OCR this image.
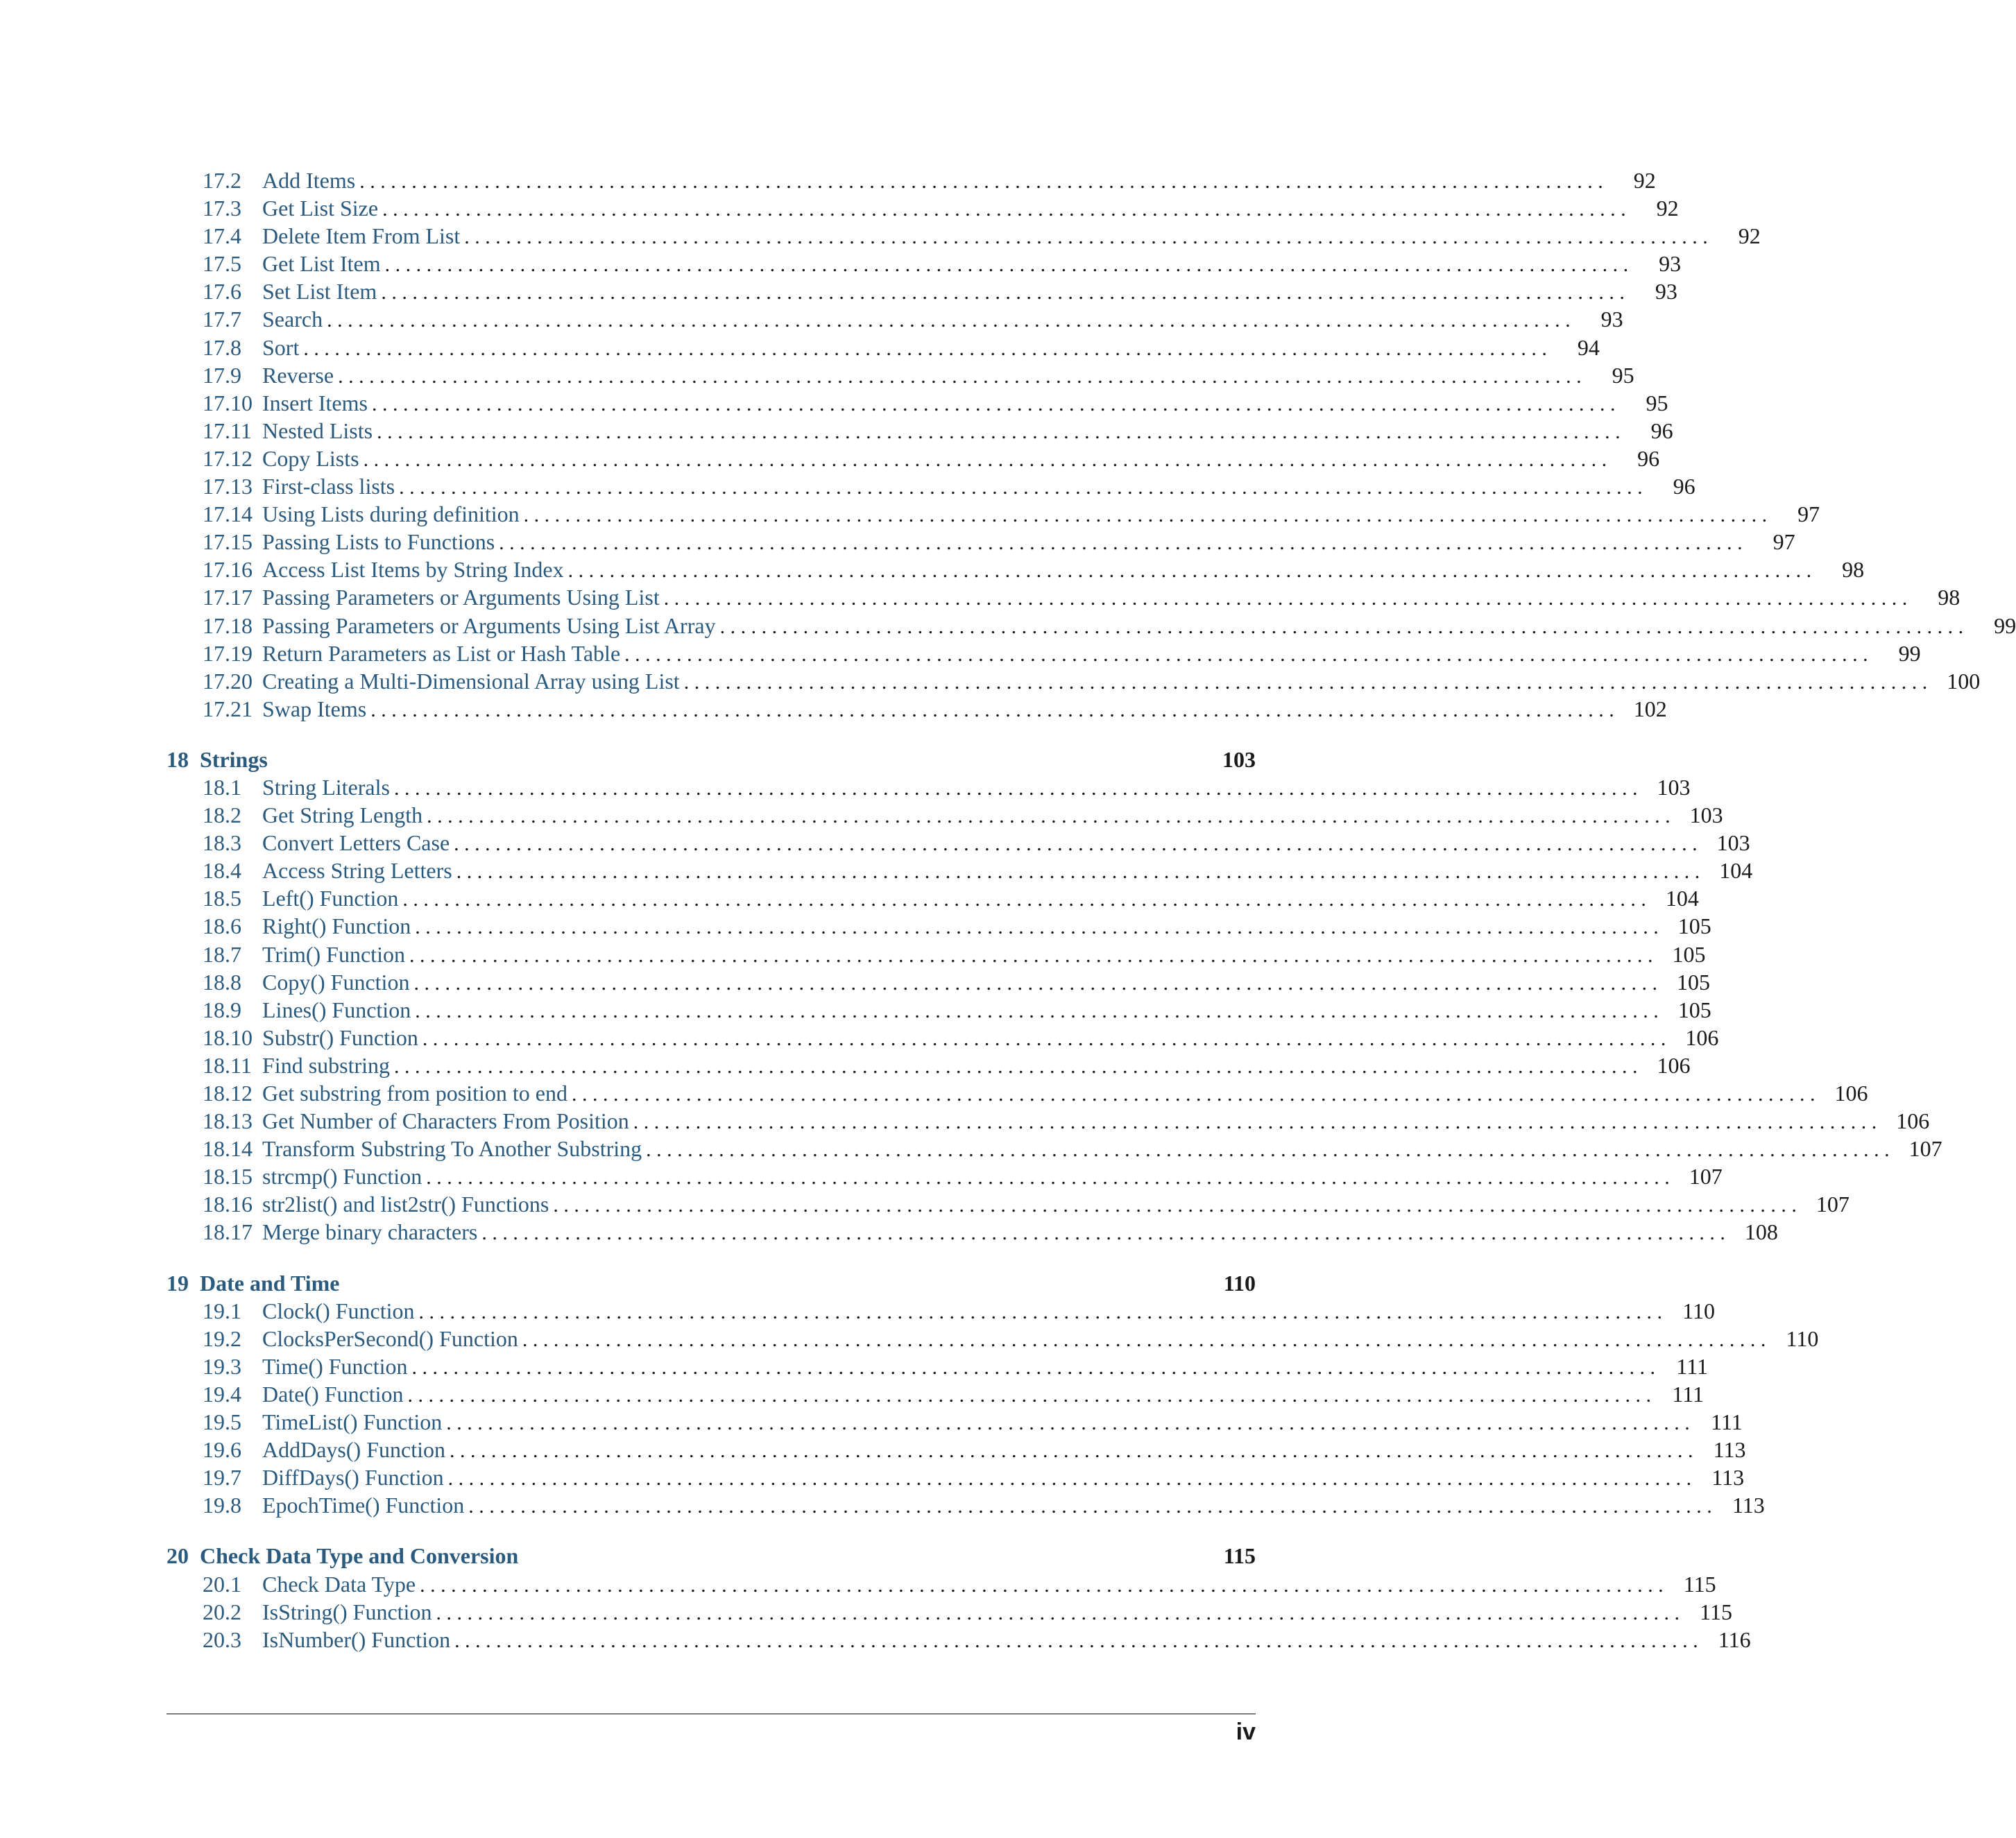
17.2 Add Items . . . . . . . . . . . . . . . . . . . . . . . . . . . . . . . . . . . . . . . . . . . . . . . . . . . . . . . . . . . . . . . . . . . . . . . . . . . . . . . . . . . . . . . . . . . . . . . . . . . . . . . . . . . . . . . . . . . . . . . .	92
17.3 Get List Size . . . . . . . . . . . . . . . . . . . . . . . . . . . . . . . . . . . . . . . . . . . . . . . . . . . . . . . . . . . . . . . . . . . . . . . . . . . . . . . . . . . . . . . . . . . . . . . . . . . . . . . . . . . . . . . . . . . . . . . .	92
17.4 Delete Item From List . . . . . . . . . . . . . . . . . . . . . . . . . . . . . . . . . . . . . . . . . . . . . . . . . . . . . . . . . . . . . . . . . . . . . . . . . . . . . . . . . . . . . . . . . . . . . . . . . . . . . . . . . . . . . . . . . . . . . . . .	92
17.5 Get List Item . . . . . . . . . . . . . . . . . . . . . . . . . . . . . . . . . . . . . . . . . . . . . . . . . . . . . . . . . . . . . . . . . . . . . . . . . . . . . . . . . . . . . . . . . . . . . . . . . . . . . . . . . . . . . . . . . . . . . . . .	93
17.6 Set List Item . . . . . . . . . . . . . . . . . . . . . . . . . . . . . . . . . . . . . . . . . . . . . . . . . . . . . . . . . . . . . . . . . . . . . . . . . . . . . . . . . . . . . . . . . . . . . . . . . . . . . . . . . . . . . . . . . . . . . . . .	93
17.7 Search . . . . . . . . . . . . . . . . . . . . . . . . . . . . . . . . . . . . . . . . . . . . . . . . . . . . . . . . . . . . . . . . . . . . . . . . . . . . . . . . . . . . . . . . . . . . . . . . . . . . . . . . . . . . . . . . . . . . . . . .	93
17.8 Sort . . . . . . . . . . . . . . . . . . . . . . . . . . . . . . . . . . . . . . . . . . . . . . . . . . . . . . . . . . . . . . . . . . . . . . . . . . . . . . . . . . . . . . . . . . . . . . . . . . . . . . . . . . . . . . . . . . . . . . . .	94
17.9 Reverse . . . . . . . . . . . . . . . . . . . . . . . . . . . . . . . . . . . . . . . . . . . . . . . . . . . . . . . . . . . . . . . . . . . . . . . . . . . . . . . . . . . . . . . . . . . . . . . . . . . . . . . . . . . . . . . . . . . . . . . .	95
17.10 Insert Items . . . . . . . . . . . . . . . . . . . . . . . . . . . . . . . . . . . . . . . . . . . . . . . . . . . . . . . . . . . . . . . . . . . . . . . . . . . . . . . . . . . . . . . . . . . . . . . . . . . . . . . . . . . . . . . . . . . . . . . .	95
17.11 Nested Lists . . . . . . . . . . . . . . . . . . . . . . . . . . . . . . . . . . . . . . . . . . . . . . . . . . . . . . . . . . . . . . . . . . . . . . . . . . . . . . . . . . . . . . . . . . . . . . . . . . . . . . . . . . . . . . . . . . . . . . . .	96
17.12 Copy Lists . . . . . . . . . . . . . . . . . . . . . . . . . . . . . . . . . . . . . . . . . . . . . . . . . . . . . . . . . . . . . . . . . . . . . . . . . . . . . . . . . . . . . . . . . . . . . . . . . . . . . . . . . . . . . . . . . . . . . . . .	96
17.13 First-class lists . . . . . . . . . . . . . . . . . . . . . . . . . . . . . . . . . . . . . . . . . . . . . . . . . . . . . . . . . . . . . . . . . . . . . . . . . . . . . . . . . . . . . . . . . . . . . . . . . . . . . . . . . . . . . . . . . . . . . . . .	96
17.14 Using Lists during definition . . . . . . . . . . . . . . . . . . . . . . . . . . . . . . . . . . . . . . . . . . . . . . . . . . . . . . . . . . . . . . . . . . . . . . . . . . . . . . . . . . . . . . . . . . . . . . . . . . . . . . . . . . . . . . . . . . . . . . . .	97
17.15 Passing Lists to Functions . . . . . . . . . . . . . . . . . . . . . . . . . . . . . . . . . . . . . . . . . . . . . . . . . . . . . . . . . . . . . . . . . . . . . . . . . . . . . . . . . . . . . . . . . . . . . . . . . . . . . . . . . . . . . . . . . . . . . . . .	97
17.16 Access List Items by String Index . . . . . . . . . . . . . . . . . . . . . . . . . . . . . . . . . . . . . . . . . . . . . . . . . . . . . . . . . . . . . . . . . . . . . . . . . . . . . . . . . . . . . . . . . . . . . . . . . . . . . . . . . . . . . . . . . . . . . . . .	98
17.17 Passing Parameters or Arguments Using List . . . . . . . . . . . . . . . . . . . . . . . . . . . . . . . . . . . . . . . . . . . . . . . . . . . . . . . . . . . . . . . . . . . . . . . . . . . . . . . . . . . . . . . . . . . . . . . . . . . . . . . . . . . . . . . . . . . . . . . .	98
17.18 Passing Parameters or Arguments Using List Array . . . . . . . . . . . . . . . . . . . . . . . . . . . . . . . . . . . . . . . . . . . . . . . . . . . . . . . . . . . . . . . . . . . . . . . . . . . . . . . . . . . . . . . . . . . . . . . . . . . . . . . . . . . . . . . . . . . . . . . .	99
17.19 Return Parameters as List or Hash Table . . . . . . . . . . . . . . . . . . . . . . . . . . . . . . . . . . . . . . . . . . . . . . . . . . . . . . . . . . . . . . . . . . . . . . . . . . . . . . . . . . . . . . . . . . . . . . . . . . . . . . . . . . . . . . . . . . . . . . . .	99
17.20 Creating a Multi-Dimensional Array using List . . . . . . . . . . . . . . . . . . . . . . . . . . . . . . . . . . . . . . . . . . . . . . . . . . . . . . . . . . . . . . . . . . . . . . . . . . . . . . . . . . . . . . . . . . . . . . . . . . . . . . . . . . . . . . . . . . . . . . . . 100
17.21 Swap Items . . . . . . . . . . . . . . . . . . . . . . . . . . . . . . . . . . . . . . . . . . . . . . . . . . . . . . . . . . . . . . . . . . . . . . . . . . . . . . . . . . . . . . . . . . . . . . . . . . . . . . . . . . . . . . . . . . . . . . . . 102
18 Strings	103
18.1 String Literals . . . . . . . . . . . . . . . . . . . . . . . . . . . . . . . . . . . . . . . . . . . . . . . . . . . . . . . . . . . . . . . . . . . . . . . . . . . . . . . . . . . . . . . . . . . . . . . . . . . . . . . . . . . . . . . . . . . . . . . . 103
18.2 Get String Length . . . . . . . . . . . . . . . . . . . . . . . . . . . . . . . . . . . . . . . . . . . . . . . . . . . . . . . . . . . . . . . . . . . . . . . . . . . . . . . . . . . . . . . . . . . . . . . . . . . . . . . . . . . . . . . . . . . . . . . . 103
18.3 Convert Letters Case . . . . . . . . . . . . . . . . . . . . . . . . . . . . . . . . . . . . . . . . . . . . . . . . . . . . . . . . . . . . . . . . . . . . . . . . . . . . . . . . . . . . . . . . . . . . . . . . . . . . . . . . . . . . . . . . . . . . . . . . 103
18.4 Access String Letters . . . . . . . . . . . . . . . . . . . . . . . . . . . . . . . . . . . . . . . . . . . . . . . . . . . . . . . . . . . . . . . . . . . . . . . . . . . . . . . . . . . . . . . . . . . . . . . . . . . . . . . . . . . . . . . . . . . . . . . . 104
18.5 Left() Function . . . . . . . . . . . . . . . . . . . . . . . . . . . . . . . . . . . . . . . . . . . . . . . . . . . . . . . . . . . . . . . . . . . . . . . . . . . . . . . . . . . . . . . . . . . . . . . . . . . . . . . . . . . . . . . . . . . . . . . . 104
18.6 Right() Function . . . . . . . . . . . . . . . . . . . . . . . . . . . . . . . . . . . . . . . . . . . . . . . . . . . . . . . . . . . . . . . . . . . . . . . . . . . . . . . . . . . . . . . . . . . . . . . . . . . . . . . . . . . . . . . . . . . . . . . . 105
18.7 Trim() Function . . . . . . . . . . . . . . . . . . . . . . . . . . . . . . . . . . . . . . . . . . . . . . . . . . . . . . . . . . . . . . . . . . . . . . . . . . . . . . . . . . . . . . . . . . . . . . . . . . . . . . . . . . . . . . . . . . . . . . . . 105
18.8 Copy() Function . . . . . . . . . . . . . . . . . . . . . . . . . . . . . . . . . . . . . . . . . . . . . . . . . . . . . . . . . . . . . . . . . . . . . . . . . . . . . . . . . . . . . . . . . . . . . . . . . . . . . . . . . . . . . . . . . . . . . . . . 105
18.9 Lines() Function . . . . . . . . . . . . . . . . . . . . . . . . . . . . . . . . . . . . . . . . . . . . . . . . . . . . . . . . . . . . . . . . . . . . . . . . . . . . . . . . . . . . . . . . . . . . . . . . . . . . . . . . . . . . . . . . . . . . . . . . 105
18.10 Substr() Function . . . . . . . . . . . . . . . . . . . . . . . . . . . . . . . . . . . . . . . . . . . . . . . . . . . . . . . . . . . . . . . . . . . . . . . . . . . . . . . . . . . . . . . . . . . . . . . . . . . . . . . . . . . . . . . . . . . . . . . . 106
18.11 Find substring . . . . . . . . . . . . . . . . . . . . . . . . . . . . . . . . . . . . . . . . . . . . . . . . . . . . . . . . . . . . . . . . . . . . . . . . . . . . . . . . . . . . . . . . . . . . . . . . . . . . . . . . . . . . . . . . . . . . . . . . 106
18.12 Get substring from position to end . . . . . . . . . . . . . . . . . . . . . . . . . . . . . . . . . . . . . . . . . . . . . . . . . . . . . . . . . . . . . . . . . . . . . . . . . . . . . . . . . . . . . . . . . . . . . . . . . . . . . . . . . . . . . . . . . . . . . . . . 106
18.13 Get Number of Characters From Position . . . . . . . . . . . . . . . . . . . . . . . . . . . . . . . . . . . . . . . . . . . . . . . . . . . . . . . . . . . . . . . . . . . . . . . . . . . . . . . . . . . . . . . . . . . . . . . . . . . . . . . . . . . . . . . . . . . . . . . . 106
18.14 Transform Substring To Another Substring . . . . . . . . . . . . . . . . . . . . . . . . . . . . . . . . . . . . . . . . . . . . . . . . . . . . . . . . . . . . . . . . . . . . . . . . . . . . . . . . . . . . . . . . . . . . . . . . . . . . . . . . . . . . . . . . . . . . . . . . 107
18.15 strcmp() Function . . . . . . . . . . . . . . . . . . . . . . . . . . . . . . . . . . . . . . . . . . . . . . . . . . . . . . . . . . . . . . . . . . . . . . . . . . . . . . . . . . . . . . . . . . . . . . . . . . . . . . . . . . . . . . . . . . . . . . . . 107
18.16 str2list() and list2str() Functions . . . . . . . . . . . . . . . . . . . . . . . . . . . . . . . . . . . . . . . . . . . . . . . . . . . . . . . . . . . . . . . . . . . . . . . . . . . . . . . . . . . . . . . . . . . . . . . . . . . . . . . . . . . . . . . . . . . . . . . . 107
18.17 Merge binary characters . . . . . . . . . . . . . . . . . . . . . . . . . . . . . . . . . . . . . . . . . . . . . . . . . . . . . . . . . . . . . . . . . . . . . . . . . . . . . . . . . . . . . . . . . . . . . . . . . . . . . . . . . . . . . . . . . . . . . . . . 108
19 Date and Time	110
19.1 Clock() Function . . . . . . . . . . . . . . . . . . . . . . . . . . . . . . . . . . . . . . . . . . . . . . . . . . . . . . . . . . . . . . . . . . . . . . . . . . . . . . . . . . . . . . . . . . . . . . . . . . . . . . . . . . . . . . . . . . . . . . . . 110
19.2 ClocksPerSecond() Function . . . . . . . . . . . . . . . . . . . . . . . . . . . . . . . . . . . . . . . . . . . . . . . . . . . . . . . . . . . . . . . . . . . . . . . . . . . . . . . . . . . . . . . . . . . . . . . . . . . . . . . . . . . . . . . . . . . . . . . . 110
19.3 Time() Function . . . . . . . . . . . . . . . . . . . . . . . . . . . . . . . . . . . . . . . . . . . . . . . . . . . . . . . . . . . . . . . . . . . . . . . . . . . . . . . . . . . . . . . . . . . . . . . . . . . . . . . . . . . . . . . . . . . . . . . . 111
19.4 Date() Function . . . . . . . . . . . . . . . . . . . . . . . . . . . . . . . . . . . . . . . . . . . . . . . . . . . . . . . . . . . . . . . . . . . . . . . . . . . . . . . . . . . . . . . . . . . . . . . . . . . . . . . . . . . . . . . . . . . . . . . . 111
19.5 TimeList() Function . . . . . . . . . . . . . . . . . . . . . . . . . . . . . . . . . . . . . . . . . . . . . . . . . . . . . . . . . . . . . . . . . . . . . . . . . . . . . . . . . . . . . . . . . . . . . . . . . . . . . . . . . . . . . . . . . . . . . . . . 111
19.6 AddDays() Function . . . . . . . . . . . . . . . . . . . . . . . . . . . . . . . . . . . . . . . . . . . . . . . . . . . . . . . . . . . . . . . . . . . . . . . . . . . . . . . . . . . . . . . . . . . . . . . . . . . . . . . . . . . . . . . . . . . . . . . . 113
19.7 DiffDays() Function . . . . . . . . . . . . . . . . . . . . . . . . . . . . . . . . . . . . . . . . . . . . . . . . . . . . . . . . . . . . . . . . . . . . . . . . . . . . . . . . . . . . . . . . . . . . . . . . . . . . . . . . . . . . . . . . . . . . . . . . 113
19.8 EpochTime() Function . . . . . . . . . . . . . . . . . . . . . . . . . . . . . . . . . . . . . . . . . . . . . . . . . . . . . . . . . . . . . . . . . . . . . . . . . . . . . . . . . . . . . . . . . . . . . . . . . . . . . . . . . . . . . . . . . . . . . . . . 113
20 Check Data Type and Conversion	115
20.1 Check Data Type . . . . . . . . . . . . . . . . . . . . . . . . . . . . . . . . . . . . . . . . . . . . . . . . . . . . . . . . . . . . . . . . . . . . . . . . . . . . . . . . . . . . . . . . . . . . . . . . . . . . . . . . . . . . . . . . . . . . . . . . 115
20.2 IsString() Function . . . . . . . . . . . . . . . . . . . . . . . . . . . . . . . . . . . . . . . . . . . . . . . . . . . . . . . . . . . . . . . . . . . . . . . . . . . . . . . . . . . . . . . . . . . . . . . . . . . . . . . . . . . . . . . . . . . . . . . . 115
20.3 IsNumber() Function . . . . . . . . . . . . . . . . . . . . . . . . . . . . . . . . . . . . . . . . . . . . . . . . . . . . . . . . . . . . . . . . . . . . . . . . . . . . . . . . . . . . . . . . . . . . . . . . . . . . . . . . . . . . . . . . . . . . . . . . 116
iv
